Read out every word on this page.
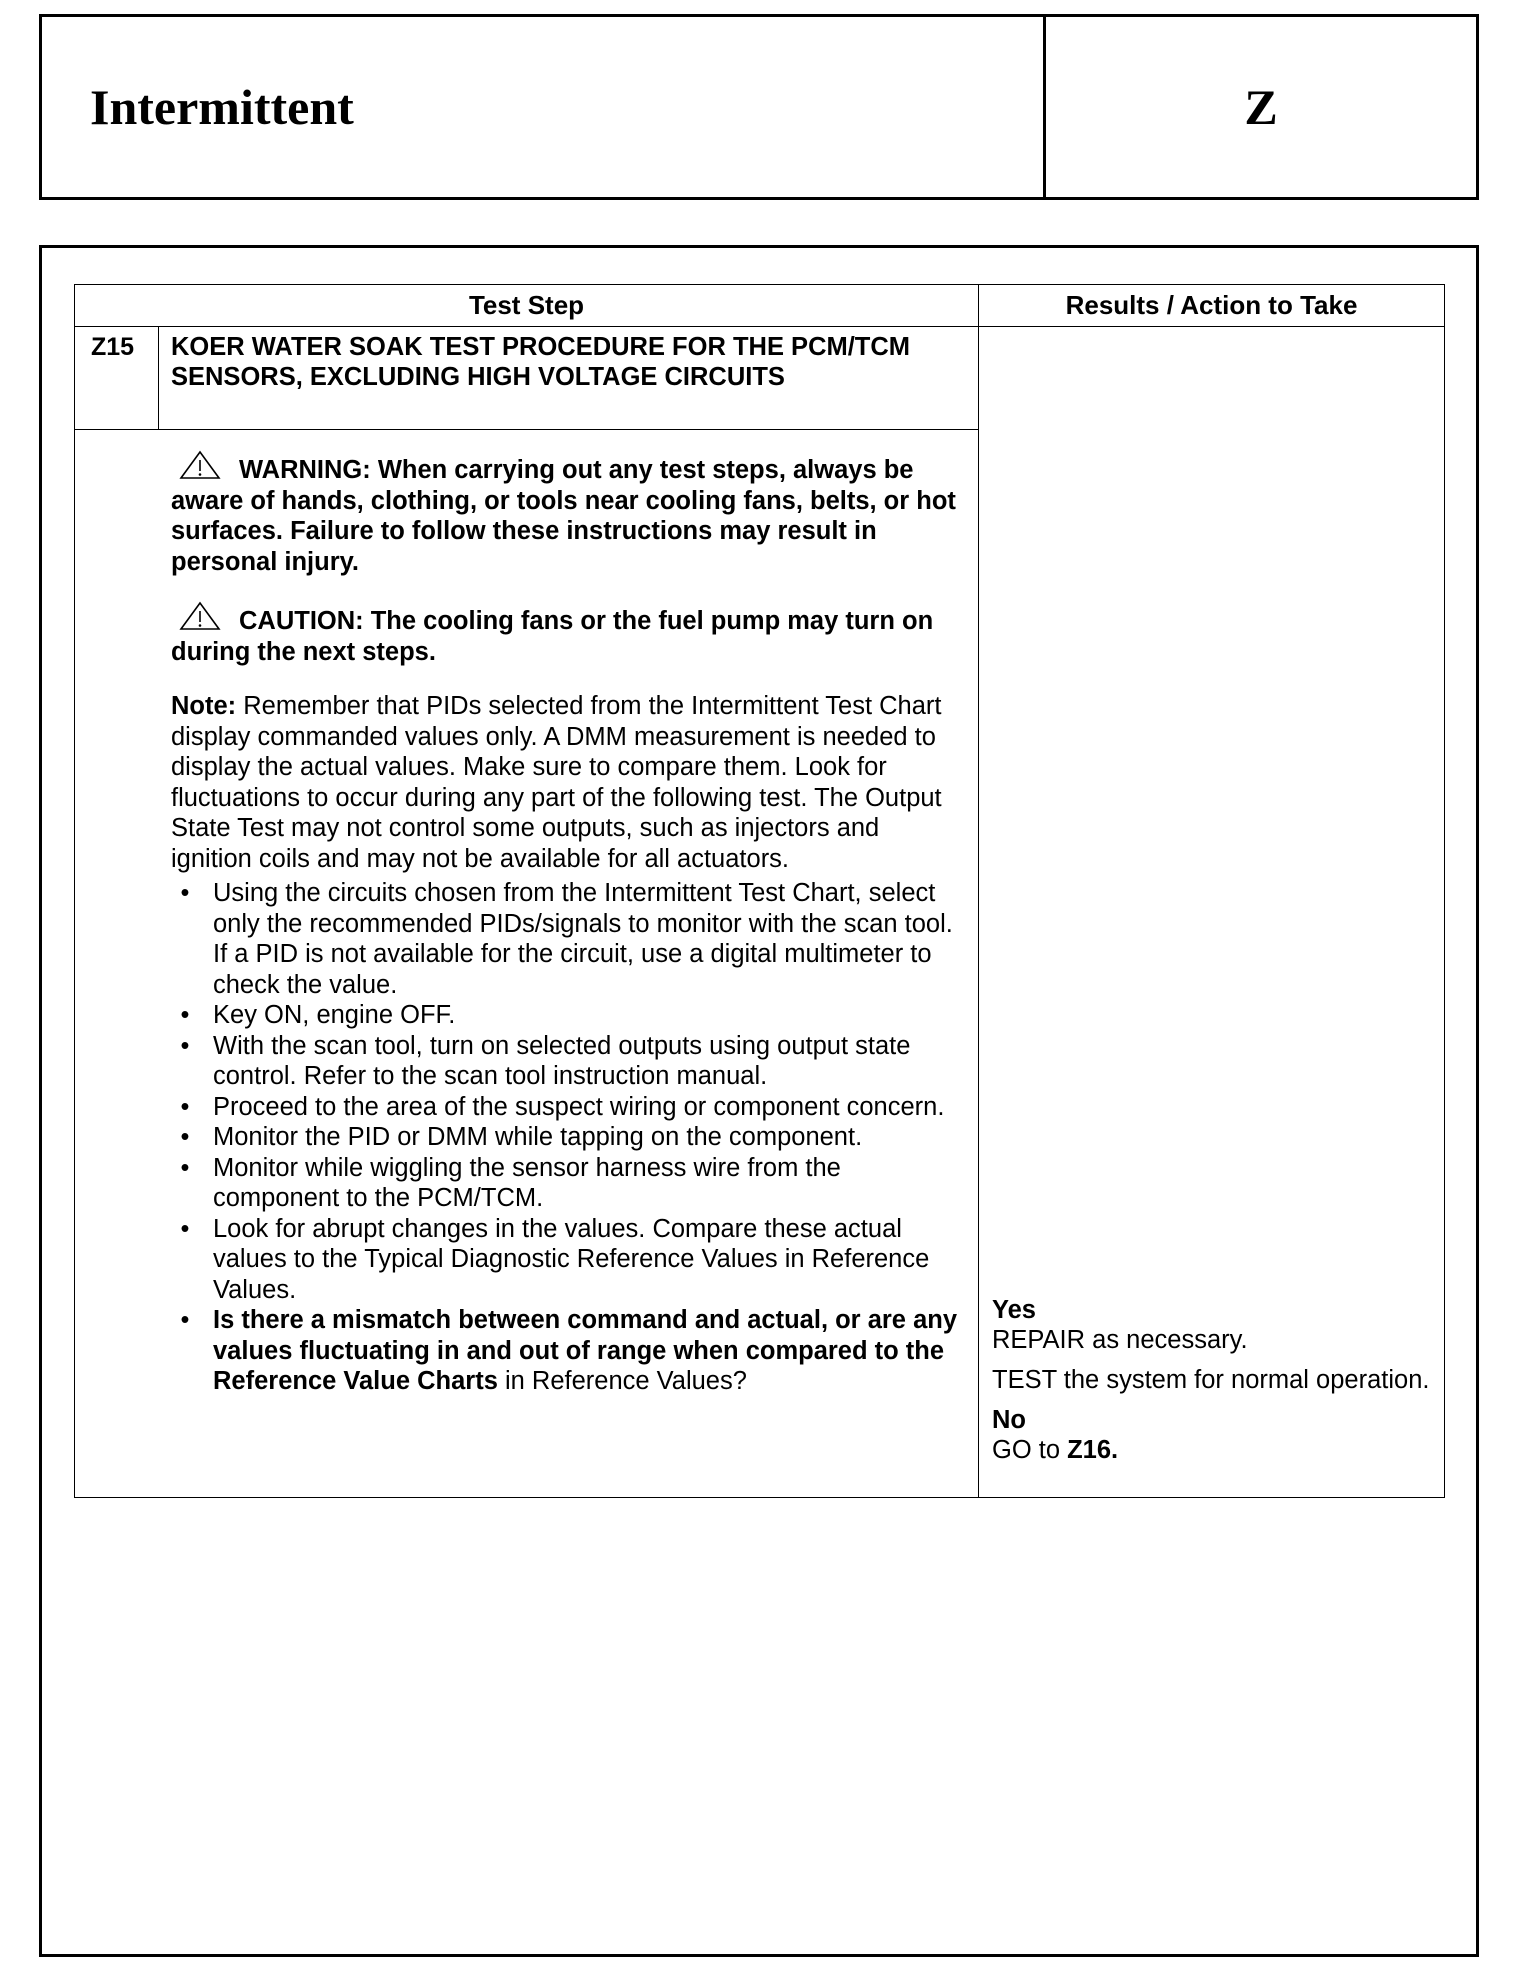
Intermittent	Z
Test Step	Results / Action to Take
Z15	KOER WATER SOAK TEST PROCEDURE FOR THE PCM/TCM SENSORS, EXCLUDING HIGH VOLTAGE CIRCUITS
WARNING: When carrying out any test steps, always be aware of hands, clothing, or tools near cooling fans, belts, or hot surfaces. Failure to follow these instructions may result in personal injury.
CAUTION: The cooling fans or the fuel pump may turn on during the next steps.
Note: Remember that PIDs selected from the Intermittent Test Chart display commanded values only. A DMM measurement is needed to display the actual values. Make sure to compare them. Look for fluctuations to occur during any part of the following test. The Output State Test may not control some outputs, such as injectors and ignition coils and may not be available for all actuators.
• Using the circuits chosen from the Intermittent Test Chart, select only the recommended PIDs/signals to monitor with the scan tool. If a PID is not available for the circuit, use a digital multimeter to check the value.
• Key ON, engine OFF.
• With the scan tool, turn on selected outputs using output state control. Refer to the scan tool instruction manual.
• Proceed to the area of the suspect wiring or component concern.
• Monitor the PID or DMM while tapping on the component.
• Monitor while wiggling the sensor harness wire from the component to the PCM/TCM.
• Look for abrupt changes in the values. Compare these actual values to the Typical Diagnostic Reference Values in Reference Values.
• Is there a mismatch between command and actual, or are any values fluctuating in and out of range when compared to the Reference Value Charts in Reference Values?

Yes
REPAIR as necessary.

TEST the system for normal operation.

No
GO to Z16.
